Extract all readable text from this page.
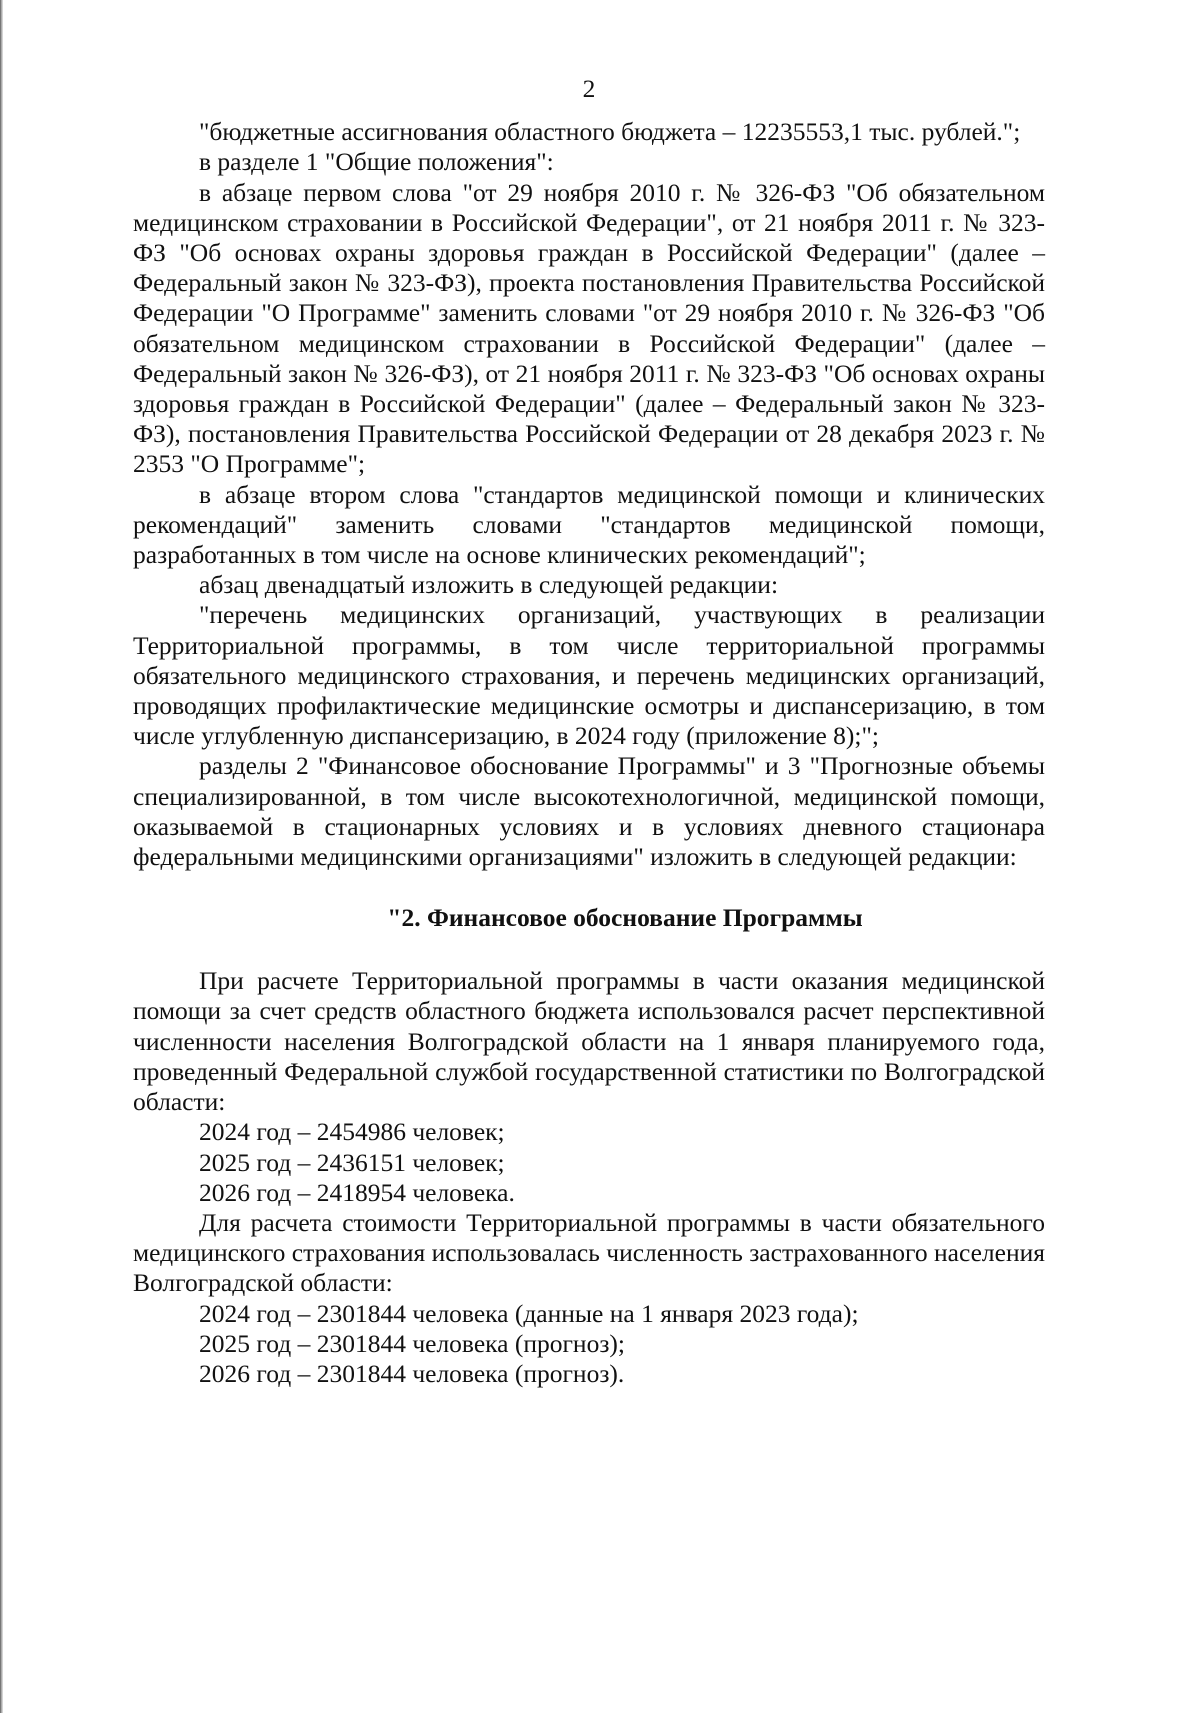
2

"бюджетные ассигнования областного бюджета – 12235553,1 тыс. рублей.";

в разделе 1 "Общие положения":

в абзаце первом слова "от 29 ноября 2010 г. № 326-ФЗ "Об обязательном медицинском страховании в Российской Федерации", от 21 ноября 2011 г. № 323-ФЗ "Об основах охраны здоровья граждан в Российской Федерации" (далее – Федеральный закон № 323-ФЗ), проекта постановления Правительства Российской Федерации "О Программе" заменить словами "от 29 ноября 2010 г. № 326-ФЗ "Об обязательном медицинском страховании в Российской Федерации" (далее – Федеральный закон № 326-ФЗ), от 21 ноября 2011 г. № 323-ФЗ "Об основах охраны здоровья граждан в Российской Федерации" (далее – Федеральный закон № 323-ФЗ), постановления Правительства Российской Федерации от 28 декабря 2023 г. № 2353 "О Программе";

в абзаце втором слова "стандартов медицинской помощи и клинических рекомендаций" заменить словами "стандартов медицинской помощи, разработанных в том числе на основе клинических рекомендаций";

абзац двенадцатый изложить в следующей редакции:

"перечень медицинских организаций, участвующих в реализации Территориальной программы, в том числе территориальной программы обязательного медицинского страхования, и перечень медицинских организаций, проводящих профилактические медицинские осмотры и диспансеризацию, в том числе углубленную диспансеризацию, в 2024 году (приложение 8);";

разделы 2 "Финансовое обоснование Программы" и 3 "Прогнозные объемы специализированной, в том числе высокотехнологичной, медицинской помощи, оказываемой в стационарных условиях и в условиях дневного стационара федеральными медицинскими организациями" изложить в следующей редакции:

"2. Финансовое обоснование Программы

При расчете Территориальной программы в части оказания медицинской помощи за счет средств областного бюджета использовался расчет перспективной численности населения Волгоградской области на 1 января планируемого года, проведенный Федеральной службой государственной статистики по Волгоградской области:

2024 год – 2454986 человек;

2025 год – 2436151 человек;

2026 год – 2418954 человека.

Для расчета стоимости Территориальной программы в части обязательного медицинского страхования использовалась численность застрахованного населения Волгоградской области:

2024 год – 2301844 человека (данные на 1 января 2023 года);

2025 год – 2301844 человека (прогноз);

2026 год – 2301844 человека (прогноз).
